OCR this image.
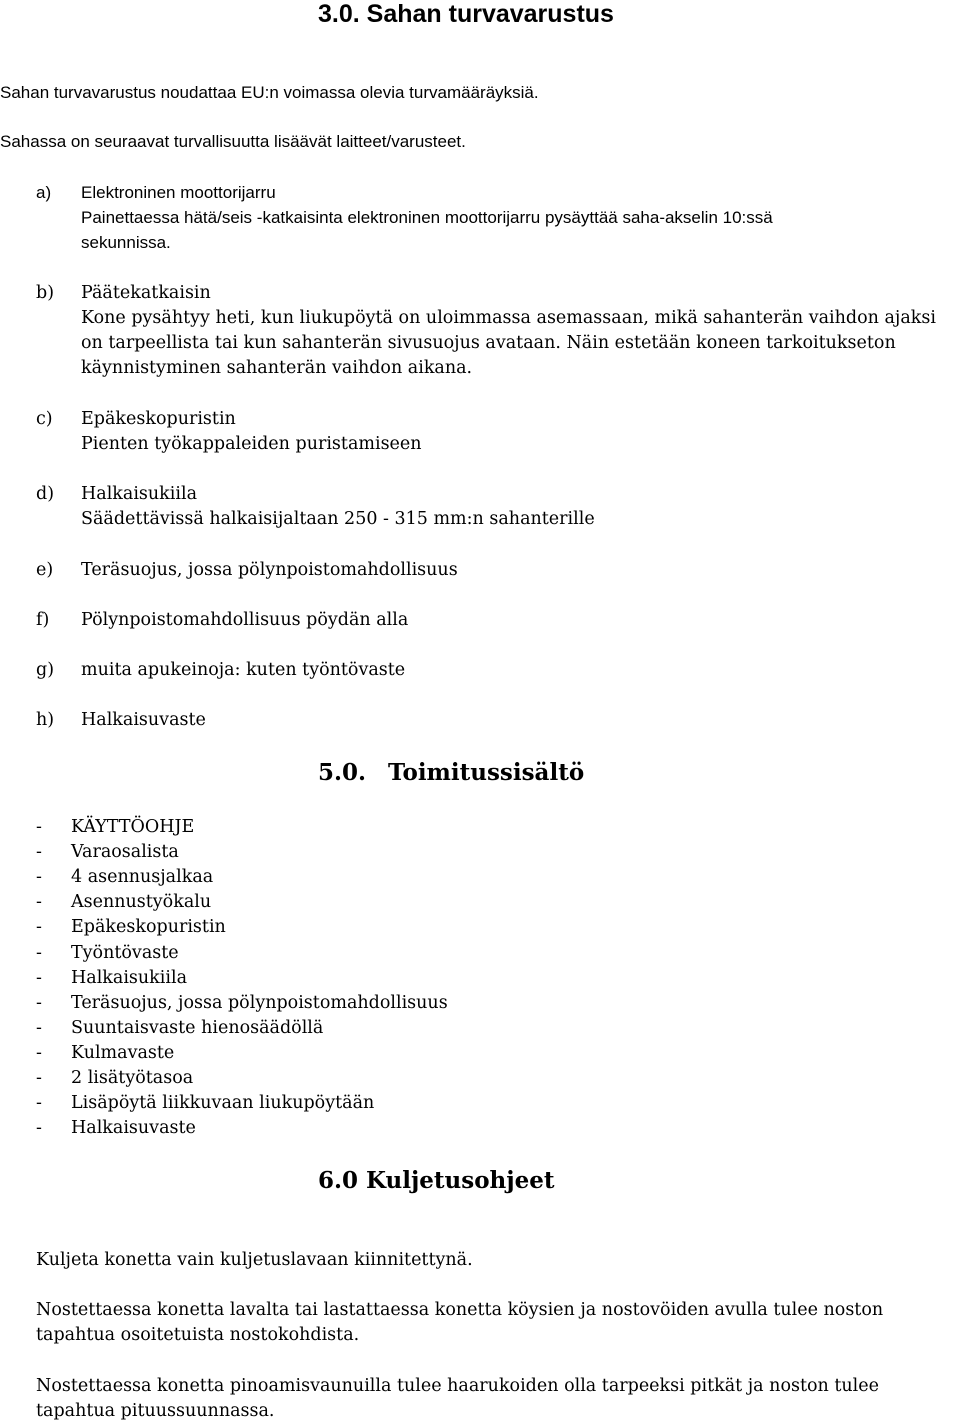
3.0. Sahan turvavarustus
Sahan turvavarustus noudattaa EU:n voimassa olevia turvamääräyksiä.
Sahassa on seuraavat turvallisuutta lisäävät laitteet/varusteet.
a) Elektroninen moottorijarru
Painettaessa hätä/seis -katkaisinta elektroninen moottorijarru pysäyttää saha-akselin 10:ssä
sekunnissa.
b) Päätekatkaisin
Kone pysähtyy heti, kun liukupöytä on uloimmassa asemassaan, mikä sahanterän vaihdon ajaksi
on tarpeellista tai kun sahanterän sivusuojus avataan. Näin estetään koneen tarkoitukseton
käynnistyminen sahanterän vaihdon aikana.
c) Epäkeskopuristin
Pienten työkappaleiden puristamiseen
d) Halkaisukiila
Säädettävissä halkaisijaltaan 250 - 315 mm:n sahanterille
e) Teräsuojus, jossa pölynpoistomahdollisuus
f) Pölynpoistomahdollisuus pöydän alla
g) muita apukeinoja: kuten työntövaste
h) Halkaisuvaste
5.0. Toimitussisältö
- KÄYTTÖOHJE
- Varaosalista
- 4 asennusjalkaa
- Asennustyökalu
- Epäkeskopuristin
- Työntövaste
- Halkaisukiila
- Teräsuojus, jossa pölynpoistomahdollisuus
- Suuntaisvaste hienosäädöllä
- Kulmavaste
- 2 lisätyötasoa
- Lisäpöytä liikkuvaan liukupöytään
- Halkaisuvaste
6.0 Kuljetusohjeet
Kuljeta konetta vain kuljetuslavaan kiinnitettynä.
Nostettaessa konetta lavalta tai lastattaessa konetta köysien ja nostovöiden avulla tulee noston
tapahtua osoitetuista nostokohdista.
Nostettaessa konetta pinoamisvaunuilla tulee haarukoiden olla tarpeeksi pitkät ja noston tulee
tapahtua pituussuunnassa.
